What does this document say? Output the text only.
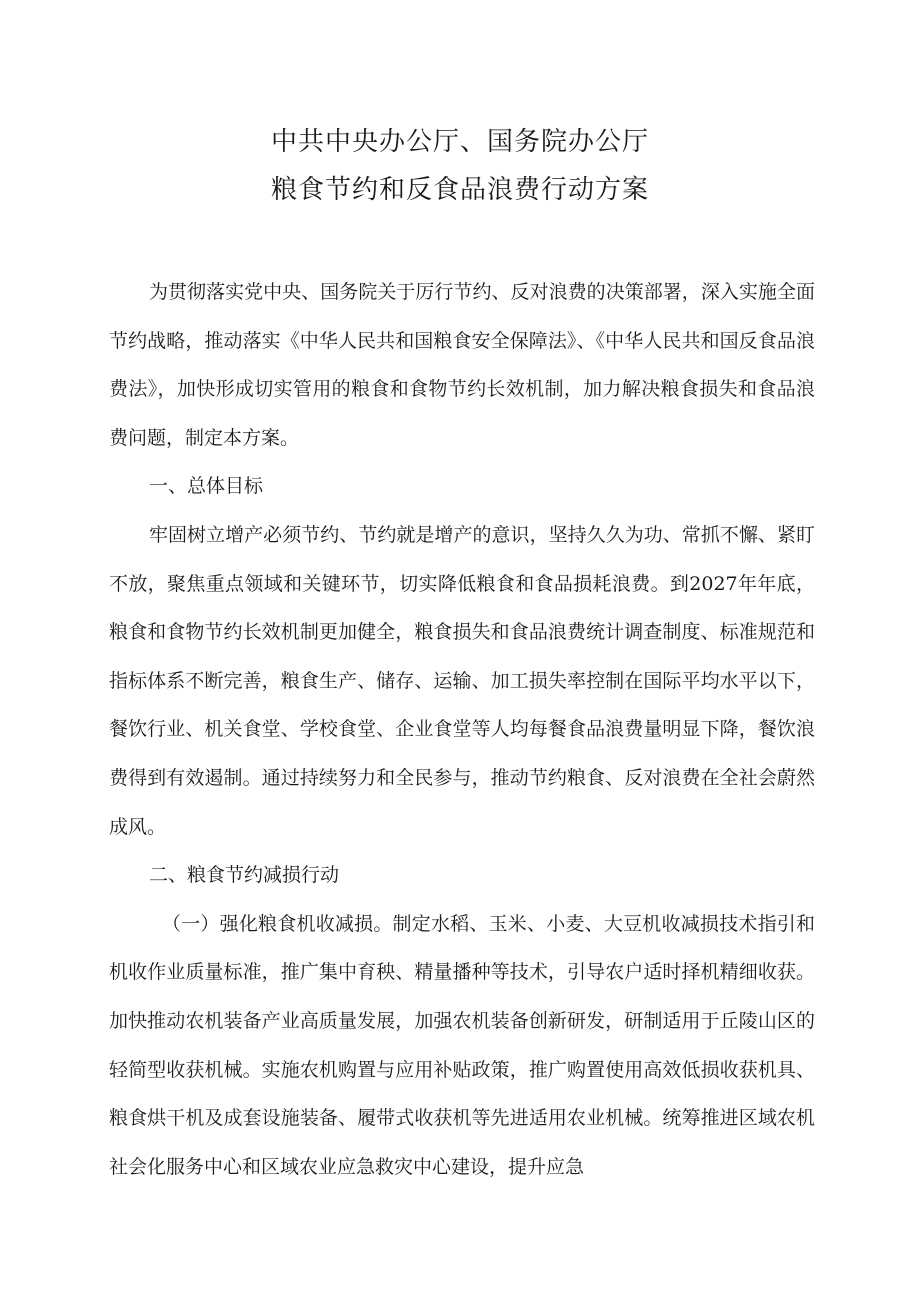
中共中央办公厅、国务院办公厅
粮食节约和反食品浪费行动方案

为贯彻落实党中央、国务院关于厉行节约、反对浪费的决策部署，深入实施全面节约战略，推动落实《中华人民共和国粮食安全保障法》、《中华人民共和国反食品浪费法》，加快形成切实管用的粮食和食物节约长效机制，加力解决粮食损失和食品浪费问题，制定本方案。

一、总体目标

牢固树立增产必须节约、节约就是增产的意识，坚持久久为功、常抓不懈、紧盯不放，聚焦重点领域和关键环节，切实降低粮食和食品损耗浪费。到2027年年底，粮食和食物节约长效机制更加健全，粮食损失和食品浪费统计调查制度、标准规范和指标体系不断完善，粮食生产、储存、运输、加工损失率控制在国际平均水平以下，餐饮行业、机关食堂、学校食堂、企业食堂等人均每餐食品浪费量明显下降，餐饮浪费得到有效遏制。通过持续努力和全民参与，推动节约粮食、反对浪费在全社会蔚然成风。

二、粮食节约减损行动

（一）强化粮食机收减损。制定水稻、玉米、小麦、大豆机收减损技术指引和机收作业质量标准，推广集中育秧、精量播种等技术，引导农户适时择机精细收获。加快推动农机装备产业高质量发展，加强农机装备创新研发，研制适用于丘陵山区的轻简型收获机械。实施农机购置与应用补贴政策，推广购置使用高效低损收获机具、粮食烘干机及成套设施装备、履带式收获机等先进适用农业机械。统筹推进区域农机社会化服务中心和区域农业应急救灾中心建设，提升应急
